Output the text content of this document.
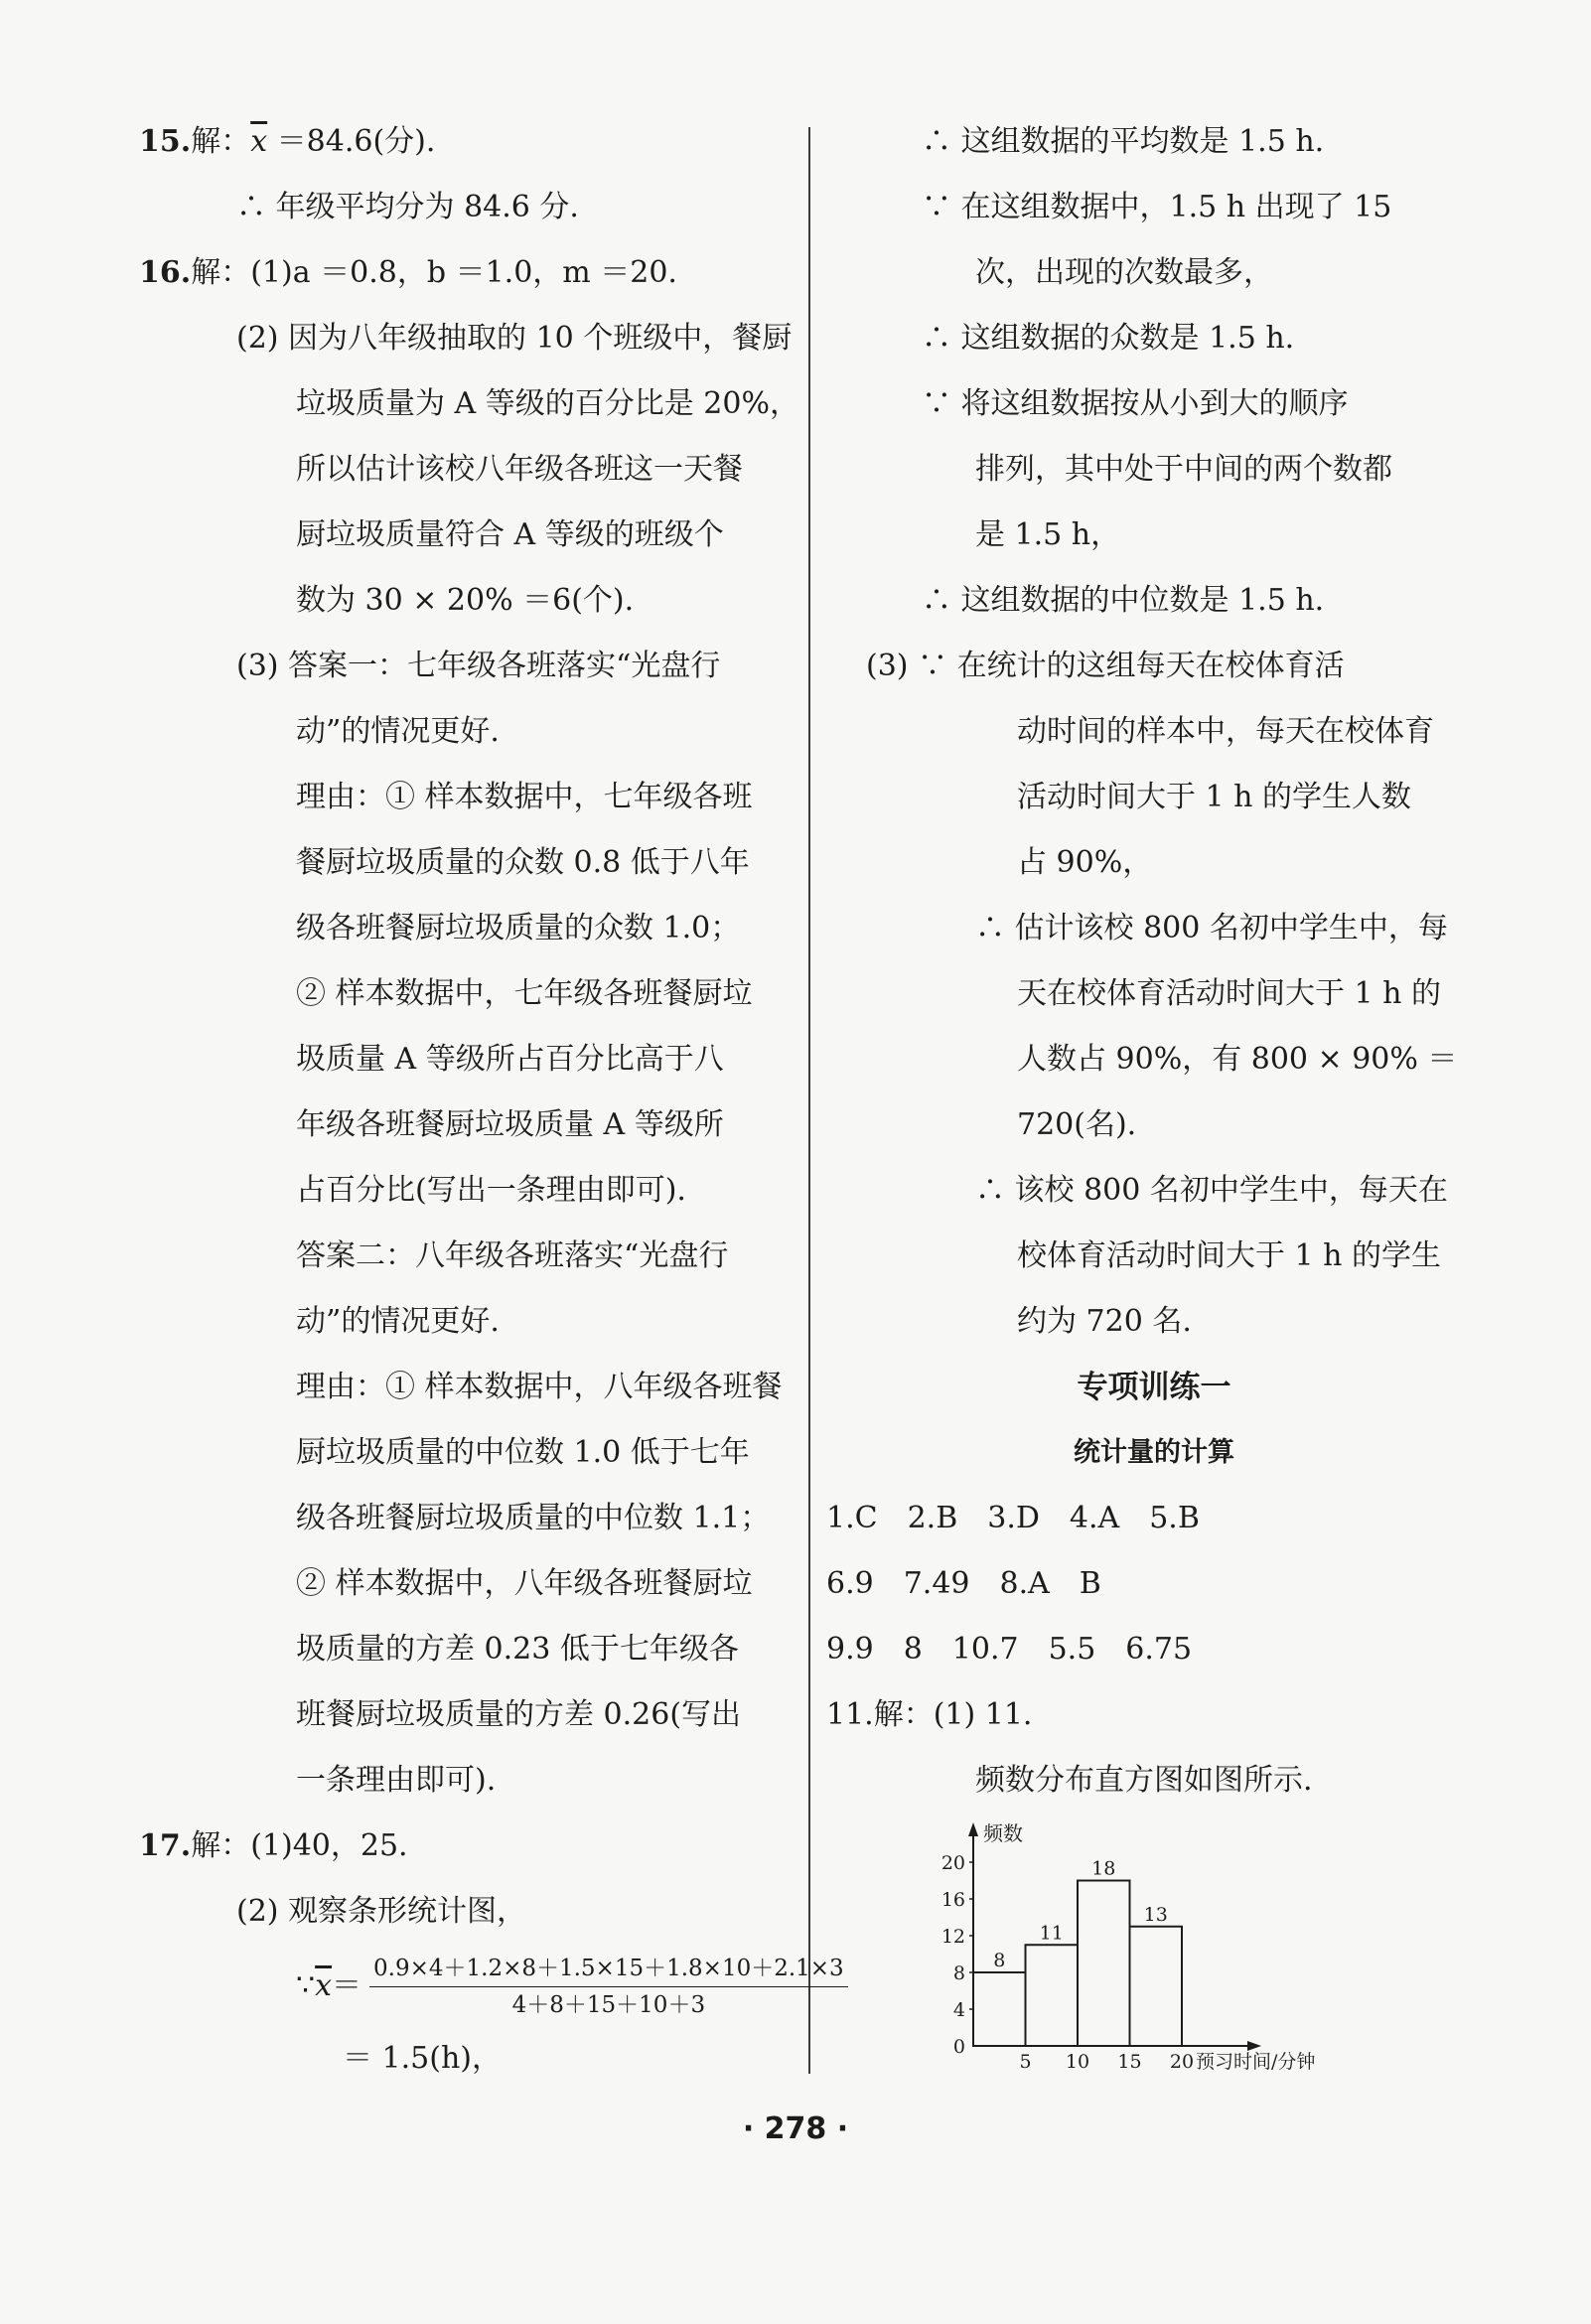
15.解：$\overline{x} =84.6$(分).
∴ 年级平均分为 84.6 分.
16.解：(1)a ＝0.8，b ＝1.0，m ＝20.
(2) 因为八年级抽取的 10 个班级中，餐厨
垃圾质量为 A 等级的百分比是 20%，
所以估计该校八年级各班这一天餐
厨垃圾质量符合 A 等级的班级个
数为 30 × 20% ＝6(个).
(3) 答案一：七年级各班落实“光盘行
动”的情况更好.
理由：① 样本数据中，七年级各班
餐厨垃圾质量的众数 0.8 低于八年
级各班餐厨垃圾质量的众数 1.0；
② 样本数据中，七年级各班餐厨垃
圾质量 A 等级所占百分比高于八
年级各班餐厨垃圾质量 A 等级所
占百分比(写出一条理由即可).
答案二：八年级各班落实“光盘行
动”的情况更好.
理由：① 样本数据中，八年级各班餐
厨垃圾质量的中位数 1.0 低于七年
级各班餐厨垃圾质量的中位数 1.1；
② 样本数据中，八年级各班餐厨垃
圾质量的方差 0.23 低于七年级各
班餐厨垃圾质量的方差 0.26(写出
一条理由即可).
17.解：(1)40，25.
(2) 观察条形统计图，
∵ $\overline{x} = \frac{0.9\times 4+1.2\times 8+1.5\times 15+1.8\times 10+2.1\times 3}{4+8+15+10+3}$
＝ 1.5(h)，
∴ 这组数据的平均数是 1.5 h.
∵ 在这组数据中，1.5 h 出现了 15
次，出现的次数最多，
∴ 这组数据的众数是 1.5 h.
∵ 将这组数据按从小到大的顺序
排列，其中处于中间的两个数都
是 1.5 h，
∴ 这组数据的中位数是 1.5 h.
(3) ∵ 在统计的这组每天在校体育活
动时间的样本中，每天在校体育
活动时间大于 1 h 的学生人数
占 90%，
∴ 估计该校 800 名初中学生中，每
天在校体育活动时间大于 1 h 的
人数占 90%，有 800 × 90% ＝
720(名).
∴ 该校 800 名初中学生中，每天在
校体育活动时间大于 1 h 的学生
约为 720 名.
专项训练一
统计量的计算
1.C　2.B　3.D　4.A　5.B
6.9　7.49　8.A　B
9.9　8　10.7　5.5　6.75
11.解：(1) 11.
频数分布直方图如图所示.
频数
预习时间/分钟
0
4
8
12
16
20
5 10 15 20
8
11
18
13
· 278 ·
